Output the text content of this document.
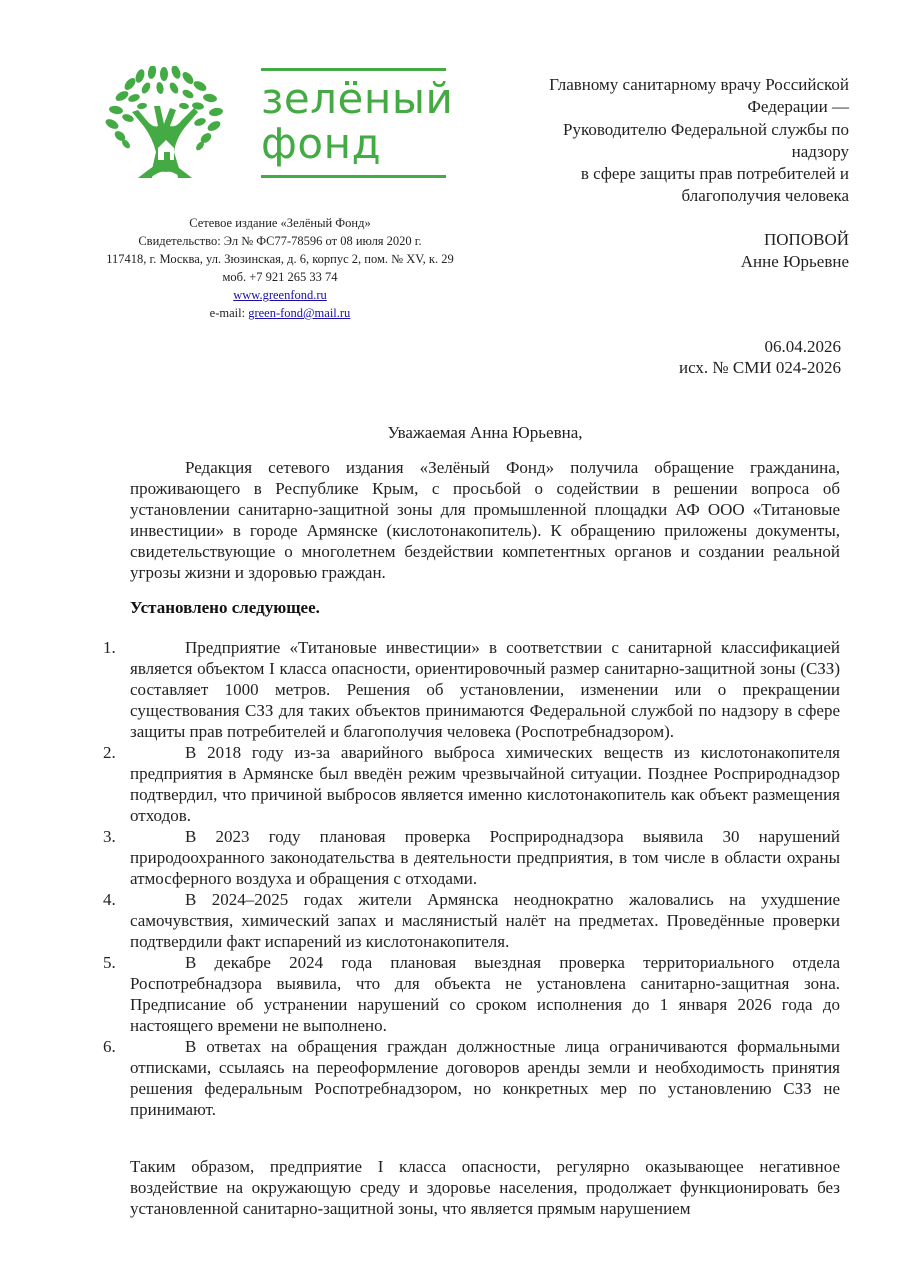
зелёный
фонд
Сетевое издание «Зелёный Фонд»
Свидетельство: Эл № ФС77-78596 от 08 июля 2020 г.
117418, г. Москва, ул. Зюзинская, д. 6, корпус 2, пом. № XV, к. 29
моб. +7 921 265 33 74
www.greenfond.ru
e-mail: green-fond@mail.ru
Главному санитарному врачу Российской
Федерации —
Руководителю Федеральной службы по
надзору
в сфере защиты прав потребителей и
благополучия человека
ПОПОВОЙ
Анне Юрьевне
06.04.2026
исх. № СМИ 024-2026
Уважаемая Анна Юрьевна,
Редакция сетевого издания «Зелёный Фонд» получила обращение гражданина, проживающего в Республике Крым, с просьбой о содействии в решении вопроса об установлении санитарно-защитной зоны для промышленной площадки АФ ООО «Титановые инвестиции» в городе Армянске (кислотонакопитель). К обращению приложены документы, свидетельствующие о многолетнем бездействии компетентных органов и создании реальной угрозы жизни и здоровью граждан.
Установлено следующее.
1.	Предприятие «Титановые инвестиции» в соответствии с санитарной классификацией является объектом I класса опасности, ориентировочный размер санитарно-защитной зоны (СЗЗ) составляет 1000 метров. Решения об установлении, изменении или о прекращении существования СЗЗ для таких объектов принимаются Федеральной службой по надзору в сфере защиты прав потребителей и благополучия человека (Роспотребнадзором).
2.	В 2018 году из-за аварийного выброса химических веществ из кислотонакопителя предприятия в Армянске был введён режим чрезвычайной ситуации. Позднее Росприроднадзор подтвердил, что причиной выбросов является именно кислотонакопитель как объект размещения отходов.
3.	В 2023 году плановая проверка Росприроднадзора выявила 30 нарушений природоохранного законодательства в деятельности предприятия, в том числе в области охраны атмосферного воздуха и обращения с отходами.
4.	В 2024–2025 годах жители Армянска неоднократно жаловались на ухудшение самочувствия, химический запах и маслянистый налёт на предметах. Проведённые проверки подтвердили факт испарений из кислотонакопителя.
5.	В декабре 2024 года плановая выездная проверка территориального отдела Роспотребнадзора выявила, что для объекта не установлена санитарно-защитная зона. Предписание об устранении нарушений со сроком исполнения до 1 января 2026 года до настоящего времени не выполнено.
6.	В ответах на обращения граждан должностные лица ограничиваются формальными отписками, ссылаясь на переоформление договоров аренды земли и необходимость принятия решения федеральным Роспотребнадзором, но конкретных мер по установлению СЗЗ не принимают.
Таким образом, предприятие I класса опасности, регулярно оказывающее негативное воздействие на окружающую среду и здоровье населения, продолжает функционировать без установленной санитарно-защитной зоны, что является прямым нарушением
